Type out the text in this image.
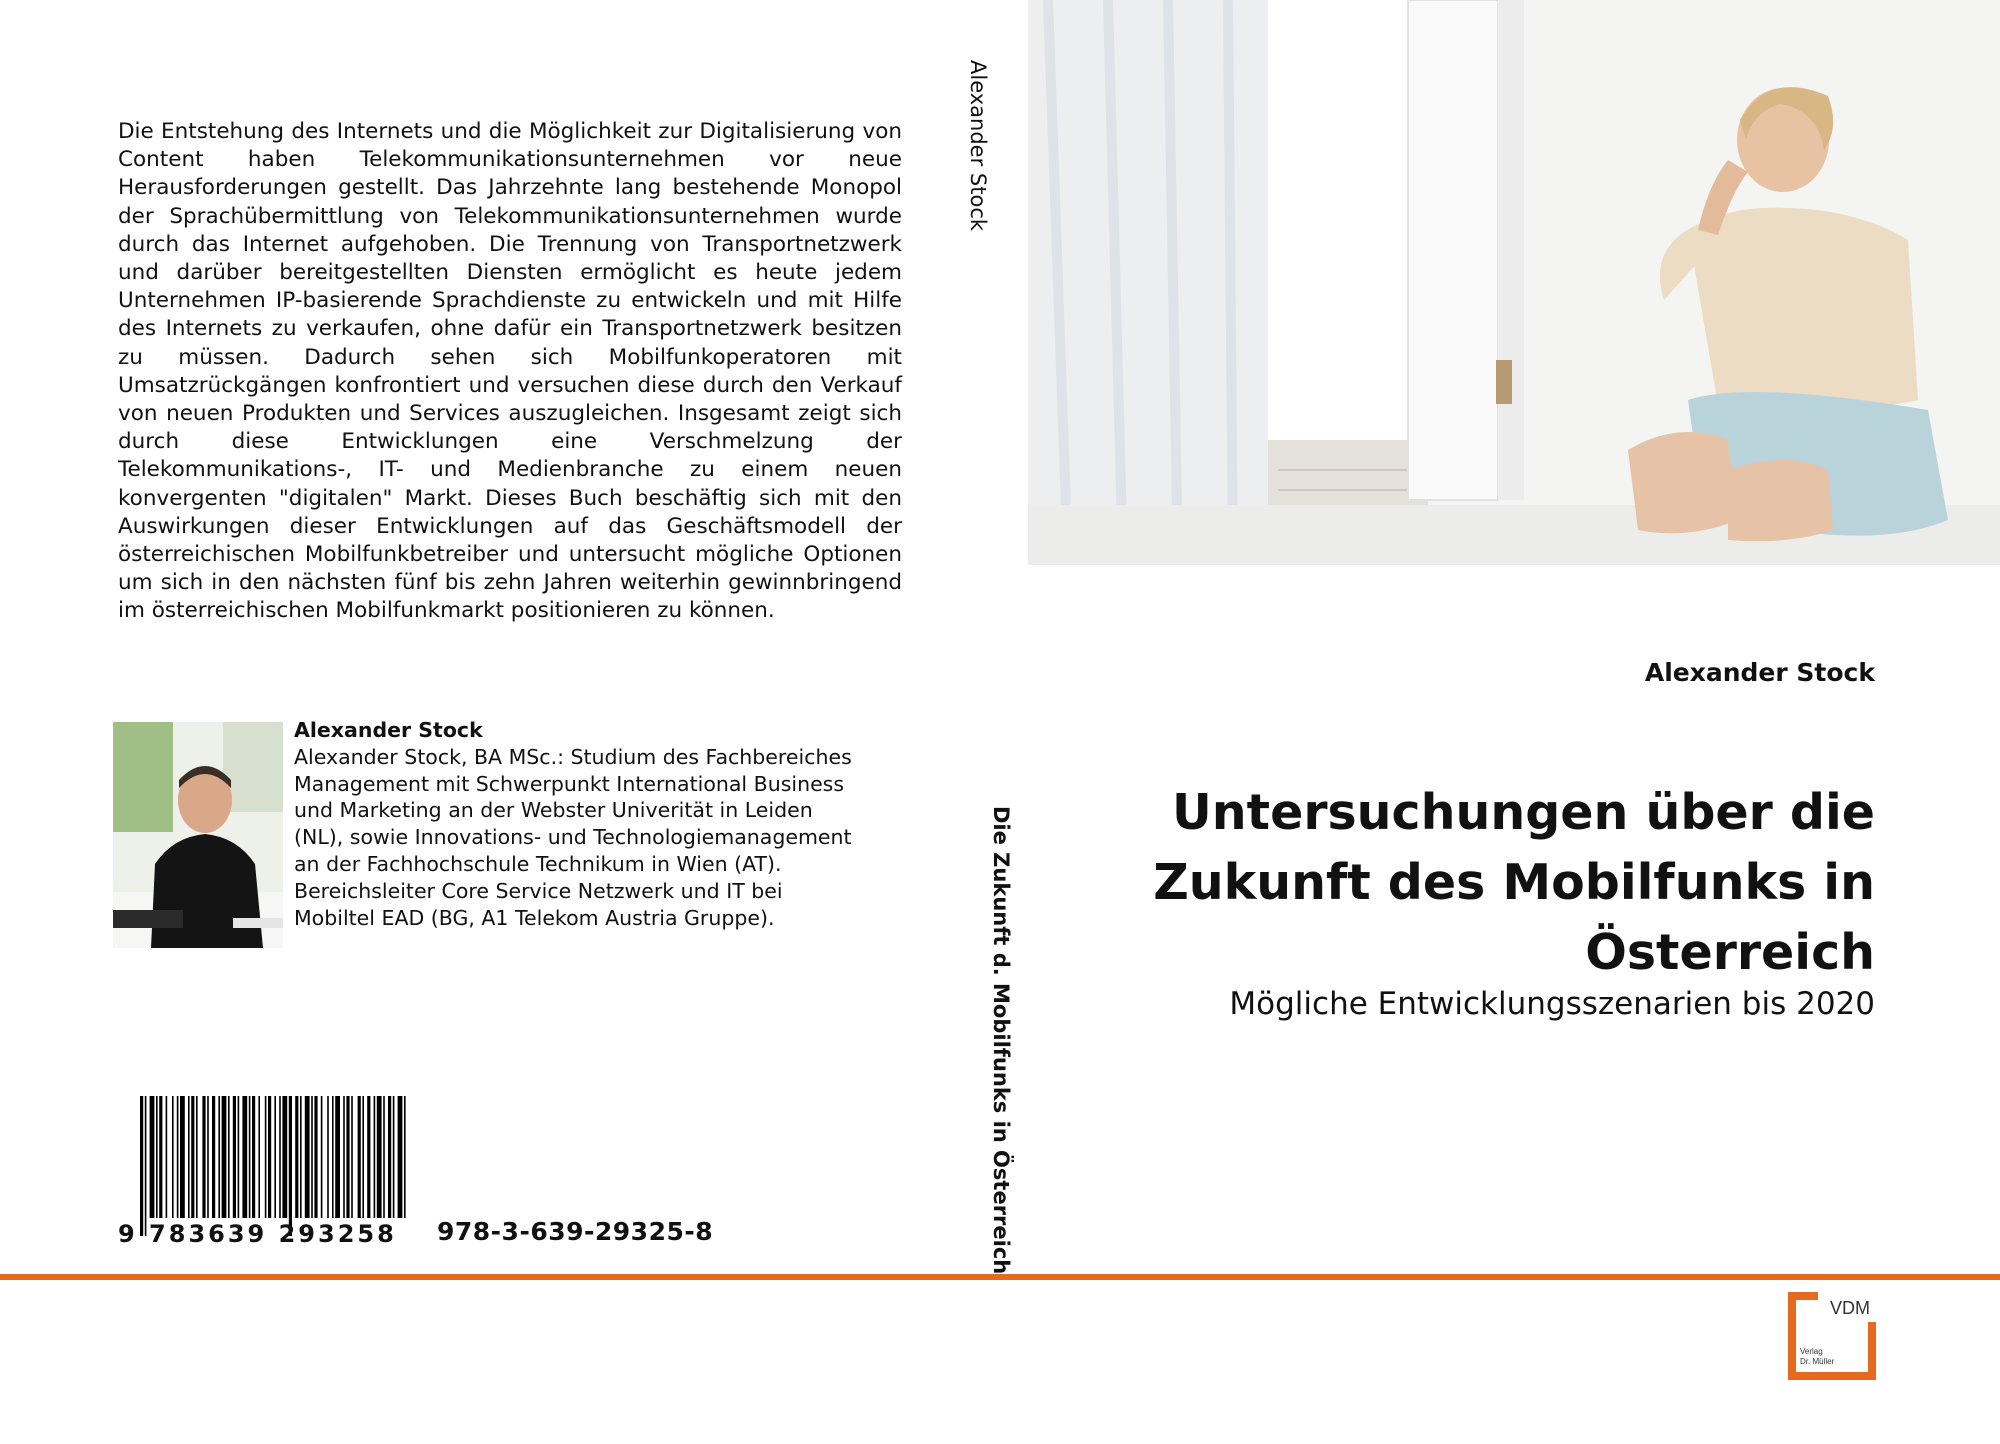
Die Entstehung des Internets und die Möglichkeit zur Digitalisierung von Content haben Telekommunikationsunternehmen vor neue Herausforderungen gestellt. Das Jahrzehnte lang bestehende Monopol der Sprachübermittlung von Telekommunikationsunternehmen wurde durch das Internet aufgehoben. Die Trennung von Transportnetzwerk und darüber bereitgestellten Diensten ermöglicht es heute jedem Unternehmen IP-basierende Sprachdienste zu entwickeln und mit Hilfe des Internets zu verkaufen, ohne dafür ein Transportnetzwerk besitzen zu müssen. Dadurch sehen sich Mobilfunkoperatoren mit Umsatzrückgängen konfrontiert und versuchen diese durch den Verkauf von neuen Produkten und Services auszugleichen. Insgesamt zeigt sich durch diese Entwicklungen eine Verschmelzung der Telekommunikations-, IT- und Medienbranche zu einem neuen konvergenten "digitalen" Markt. Dieses Buch beschäftig sich mit den Auswirkungen dieser Entwicklungen auf das Geschäftsmodell der österreichischen Mobilfunkbetreiber und untersucht mögliche Optionen um sich in den nächsten fünf bis zehn Jahren weiterhin gewinnbringend im österreichischen Mobilfunkmarkt positionieren zu können.
Alexander Stock
Alexander Stock, BA MSc.: Studium des Fachbereiches Management mit Schwerpunkt International Business und Marketing an der Webster Univerität in Leiden (NL), sowie Innovations- und Technologiemanagement an der Fachhochschule Technikum in Wien (AT). Bereichsleiter Core Service Netzwerk und IT bei Mobiltel EAD (BG, A1 Telekom Austria Gruppe).
9 783639 293258 978-3-639-29325-8
Alexander Stock
Die Zukunft d. Mobilfunks in Österreich
Alexander Stock
Untersuchungen über die Zukunft des Mobilfunks in Österreich
Mögliche Entwicklungsszenarien bis 2020
VDM
Verlag
Dr. Müller
